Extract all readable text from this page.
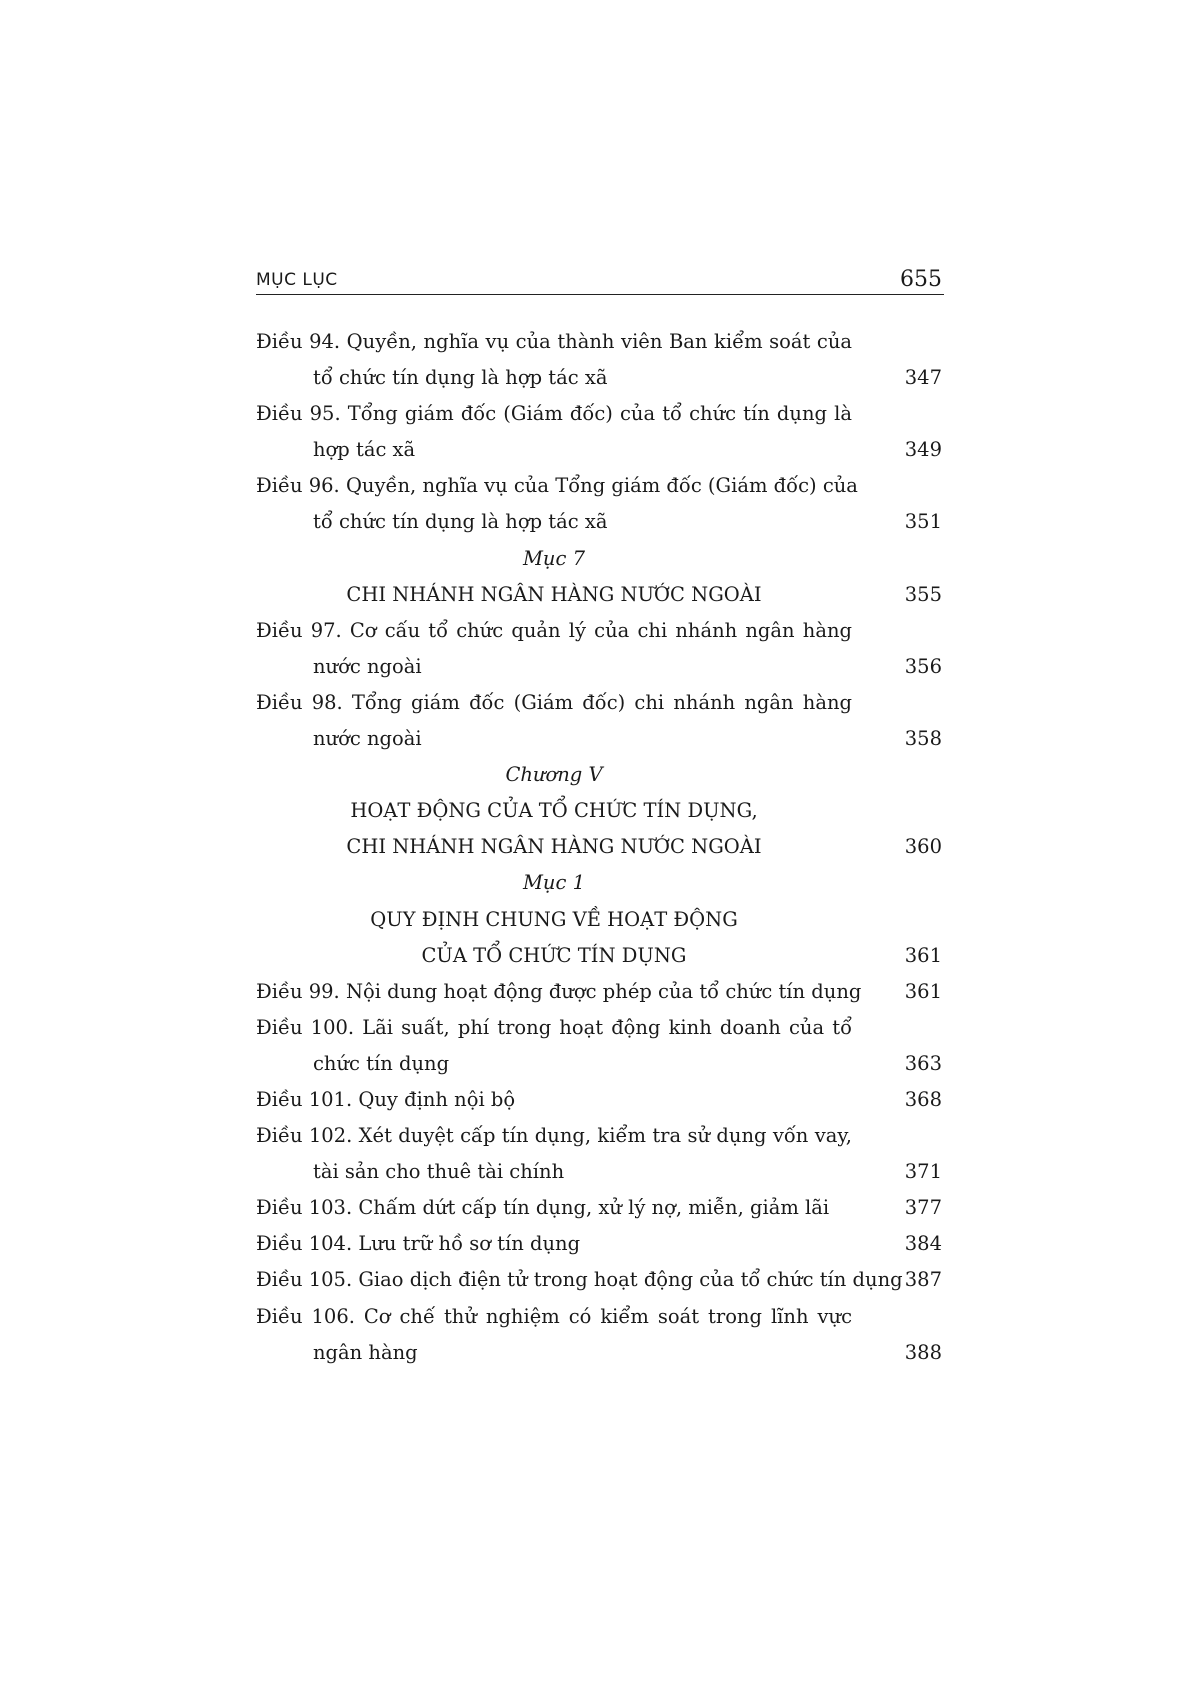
MỤC LỤC	655
Điều 94. Quyền, nghĩa vụ của thành viên Ban kiểm soát của
tổ chức tín dụng là hợp tác xã	347
Điều 95. Tổng giám đốc (Giám đốc) của tổ chức tín dụng là
hợp tác xã	349
Điều 96. Quyền, nghĩa vụ của Tổng giám đốc (Giám đốc) của
tổ chức tín dụng là hợp tác xã	351
Mục 7
CHI NHÁNH NGÂN HÀNG NƯỚC NGOÀI	355
Điều 97. Cơ cấu tổ chức quản lý của chi nhánh ngân hàng
nước ngoài	356
Điều 98. Tổng giám đốc (Giám đốc) chi nhánh ngân hàng
nước ngoài	358
Chương V
HOẠT ĐỘNG CỦA TỔ CHỨC TÍN DỤNG,
CHI NHÁNH NGÂN HÀNG NƯỚC NGOÀI	360
Mục 1
QUY ĐỊNH CHUNG VỀ HOẠT ĐỘNG
CỦA TỔ CHỨC TÍN DỤNG	361
Điều 99. Nội dung hoạt động được phép của tổ chức tín dụng 361
Điều 100. Lãi suất, phí trong hoạt động kinh doanh của tổ
chức tín dụng	363
Điều 101. Quy định nội bộ	368
Điều 102. Xét duyệt cấp tín dụng, kiểm tra sử dụng vốn vay,
tài sản cho thuê tài chính	371
Điều 103. Chấm dứt cấp tín dụng, xử lý nợ, miễn, giảm lãi	377
Điều 104. Lưu trữ hồ sơ tín dụng	384
Điều 105. Giao dịch điện tử trong hoạt động của tổ chức tín dụng 387
Điều 106. Cơ chế thử nghiệm có kiểm soát trong lĩnh vực
ngân hàng	388
